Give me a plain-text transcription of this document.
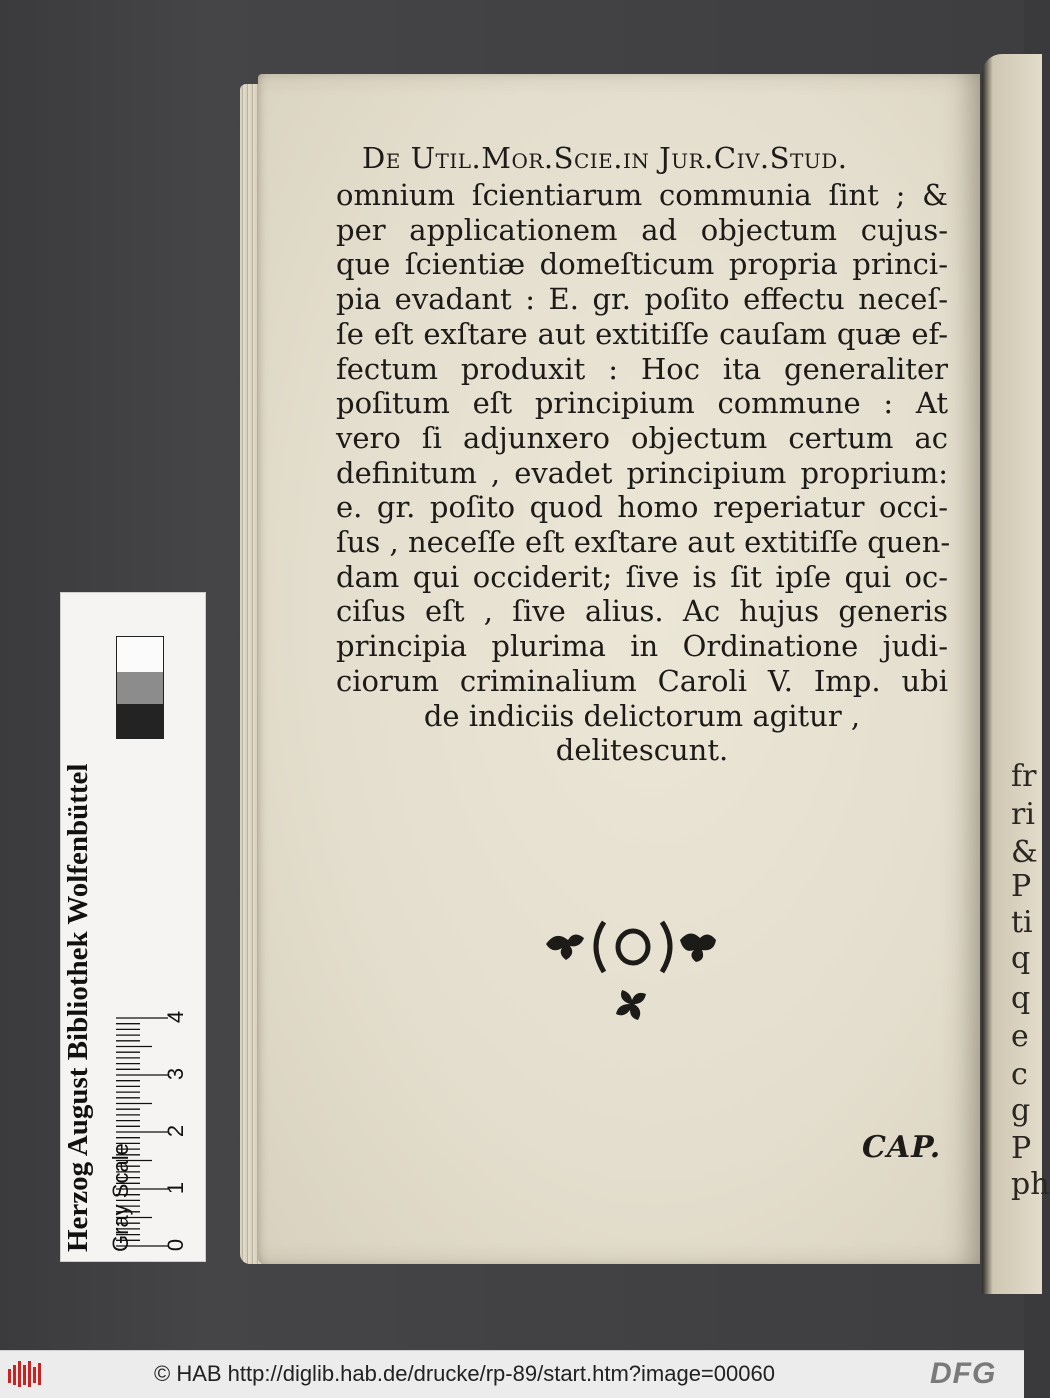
fr
ri
&
P
ti
q
q
e
c
g
P
ph
De Util.Mor.Scie.in Jur.Civ.Stud.
omnium ſcientiarum communia ſint ; &
per applicationem ad objectum cujus-
que ſcientiæ domeſticum propria princi-
pia evadant : E. gr. poſito effectu neceſ-
ſe eſt exſtare aut extitiſſe cauſam quæ ef-
fectum produxit : Hoc ita generaliter
poſitum eſt principium commune : At
vero ſi adjunxero objectum certum ac
definitum , evadet principium proprium:
e. gr. poſito quod homo reperiatur occi-
ſus , neceſſe eſt exſtare aut extitiſſe quen-
dam qui occiderit; ſive is ſit ipſe qui oc-
ciſus eſt , ſive alius. Ac hujus generis
principia plurima in Ordinatione judi-
ciorum criminalium Caroli V. Imp. ubi
de indiciis delictorum agitur ,
delitescunt.
CAP.
Herzog August Bibliothek Wolfenbüttel Gray Scale 0
1
2
3
4
© HAB http://diglib.hab.de/drucke/rp-89/start.htm?image=00060	DFG
